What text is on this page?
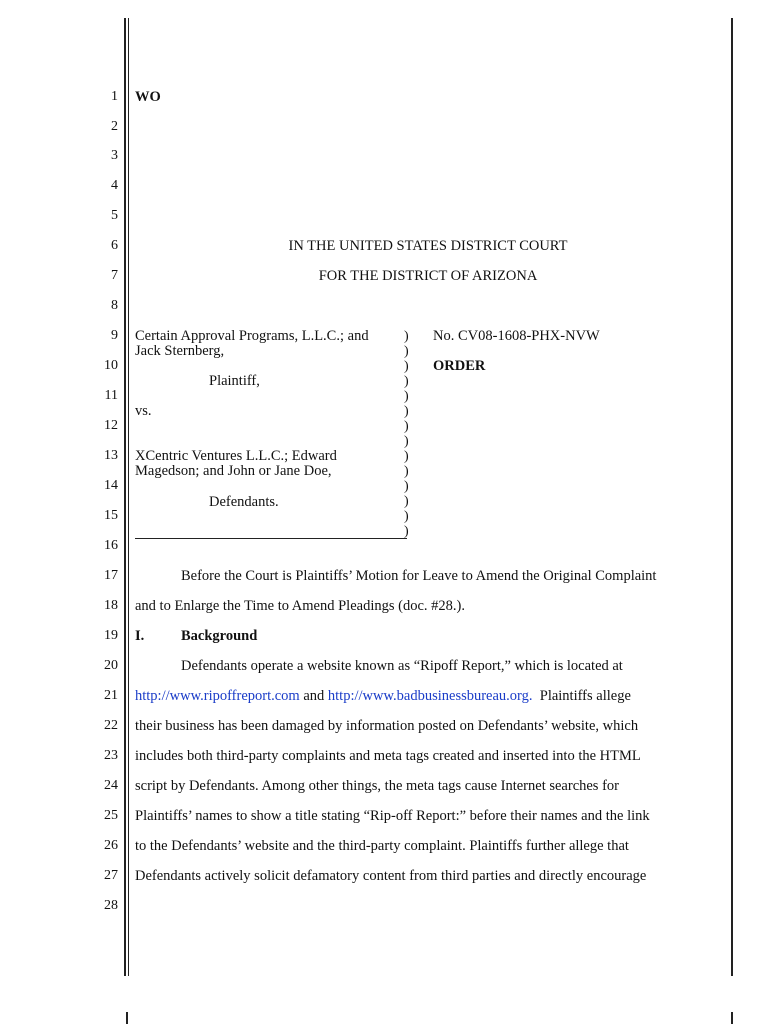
1
2
3
4
5
6
7
8
9
10
11
12
13
14
15
16
17
18
19
20
21
22
23
24
25
26
27
28
WO
IN THE UNITED STATES DISTRICT COURT
FOR THE DISTRICT OF ARIZONA
Certain Approval Programs, L.L.C.; and
Jack Sternberg,
Plaintiff,
vs.
XCentric Ventures L.L.C.; Edward
Magedson; and John or Jane Doe,
Defendants.
)
)
)
)
)
)
)
)
)
)
)
)
)
)
No. CV08-1608-PHX-NVW
ORDER
Before the Court is Plaintiffs’ Motion for Leave to Amend the Original Complaint
and to Enlarge the Time to Amend Pleadings (doc. #28.).
I.	Background
Defendants operate a website known as “Ripoff Report,” which is located at
http://www.ripoffreport.com and http://www.badbusinessbureau.org.  Plaintiffs allege
their business has been damaged by information posted on Defendants’ website, which
includes both third-party complaints and meta tags created and inserted into the HTML
script by Defendants. Among other things, the meta tags cause Internet searches for
Plaintiffs’ names to show a title stating “Rip-off Report:” before their names and the link
to the Defendants’ website and the third-party complaint. Plaintiffs further allege that
Defendants actively solicit defamatory content from third parties and directly encourage
